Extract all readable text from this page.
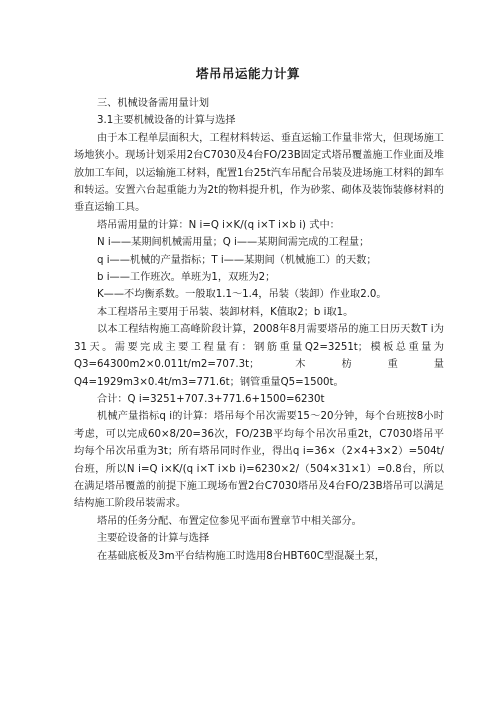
塔吊吊运能力计算

三、机械设备需用量计划

3.1主要机械设备的计算与选择

由于本工程单层面积大，工程材料转运、垂直运输工作量非常大，但现场施工场地狭小。现场计划采用2台C7030及4台FO/23B固定式塔吊覆盖施工作业面及堆放加工车间，以运输施工材料，配置1台25t汽车吊配合吊装及进场施工材料的卸车和转运。安置六台起重能力为2t的物料提升机，作为砂浆、砌体及装饰装修材料的垂直运输工具。

塔吊需用量的计算：N i=Q i×K/(q i×T i×b i) 式中：

N i——某期间机械需用量；Q i——某期间需完成的工程量；

q i——机械的产量指标；T i——某期间（机械施工）的天数；

b i——工作班次。单班为1，双班为2；

K——不均衡系数。一般取1.1～1.4，吊装（装卸）作业取2.0。

本工程塔吊主要用于吊装、装卸材料，K值取2；b i取1。

以本工程结构施工高峰阶段计算，2008年8月需要塔吊的施工日历天数T i为31天。需要完成主要工程量有：钢筋重量Q2=3251t；模板总重量为 Q3=64300m2×0.011t/m2=707.3t；木枋重量Q4=1929m3×0.4t/m3=771.6t；钢管重量Q5=1500t。

合计：Q i=3251+707.3+771.6+1500=6230t

机械产量指标q i的计算：塔吊每个吊次需要15～20分钟，每个台班按8小时考虑，可以完成60×8/20=36次，FO/23B平均每个吊次吊重2t，C7030塔吊平均每个吊次吊重为3t；所有塔吊同时作业，得出q i=36×（2×4+3×2）=504t/台班，所以N i=Q i×K/(q i×T i×b i)=6230×2/（504×31×1）=0.8台，所以在满足塔吊覆盖的前提下施工现场布置2台C7030塔吊及4台FO/23B塔吊可以满足结构施工阶段吊装需求。

塔吊的任务分配、布置定位参见平面布置章节中相关部分。

主要砼设备的计算与选择

在基础底板及3m平台结构施工时选用8台HBT60C型混凝土泵，
